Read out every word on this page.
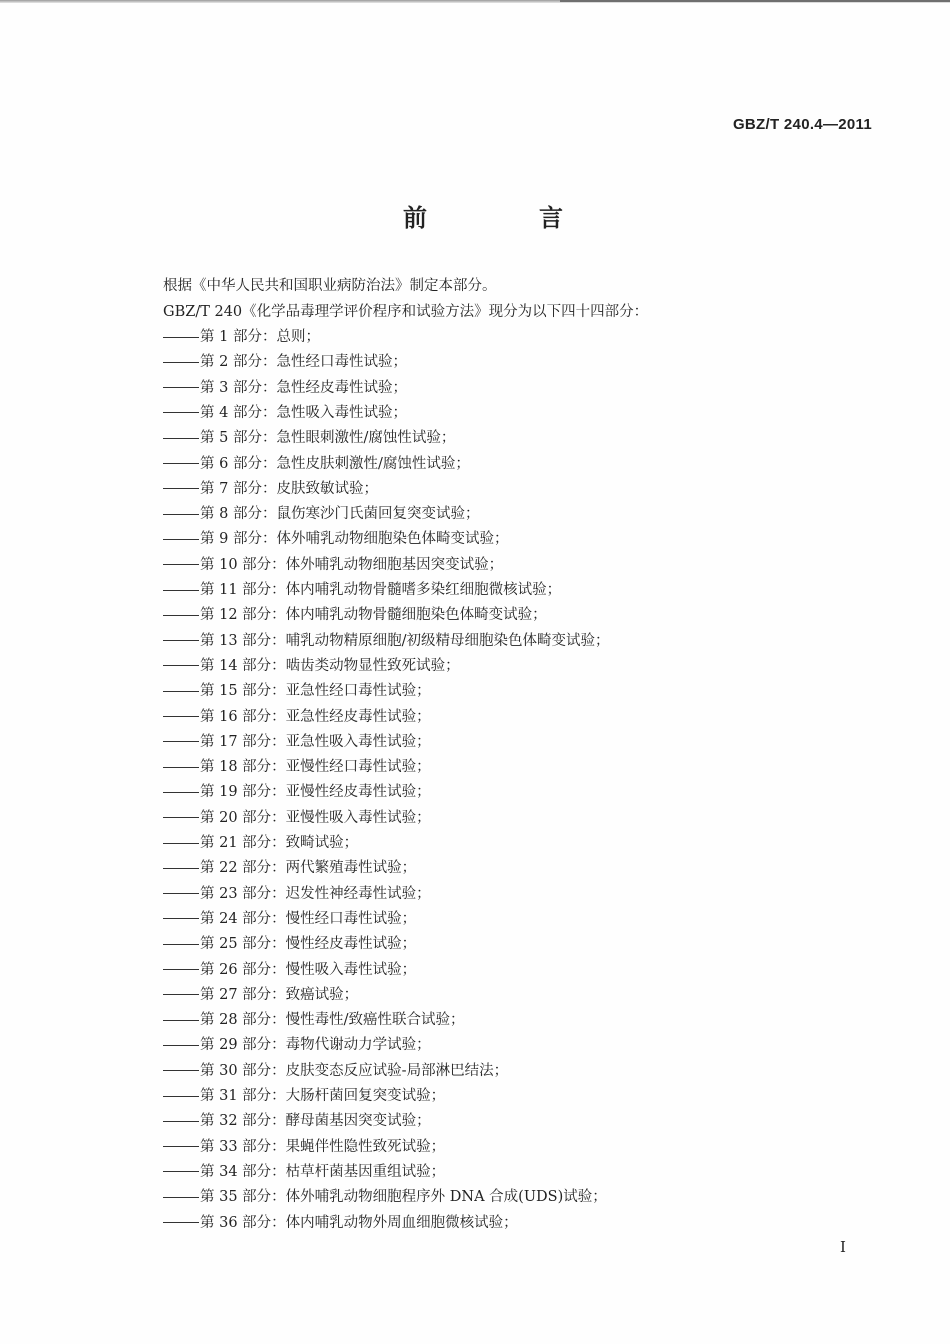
GBZ/T 240.4—2011
前　言
根据《中华人民共和国职业病防治法》制定本部分。
GBZ/T 240《化学品毒理学评价程序和试验方法》现分为以下四十四部分：
第 1 部分：总则；
第 2 部分：急性经口毒性试验；
第 3 部分：急性经皮毒性试验；
第 4 部分：急性吸入毒性试验；
第 5 部分：急性眼刺激性/腐蚀性试验；
第 6 部分：急性皮肤刺激性/腐蚀性试验；
第 7 部分：皮肤致敏试验；
第 8 部分：鼠伤寒沙门氏菌回复突变试验；
第 9 部分：体外哺乳动物细胞染色体畸变试验；
第 10 部分：体外哺乳动物细胞基因突变试验；
第 11 部分：体内哺乳动物骨髓嗜多染红细胞微核试验；
第 12 部分：体内哺乳动物骨髓细胞染色体畸变试验；
第 13 部分：哺乳动物精原细胞/初级精母细胞染色体畸变试验；
第 14 部分：啮齿类动物显性致死试验；
第 15 部分：亚急性经口毒性试验；
第 16 部分：亚急性经皮毒性试验；
第 17 部分：亚急性吸入毒性试验；
第 18 部分：亚慢性经口毒性试验；
第 19 部分：亚慢性经皮毒性试验；
第 20 部分：亚慢性吸入毒性试验；
第 21 部分：致畸试验；
第 22 部分：两代繁殖毒性试验；
第 23 部分：迟发性神经毒性试验；
第 24 部分：慢性经口毒性试验；
第 25 部分：慢性经皮毒性试验；
第 26 部分：慢性吸入毒性试验；
第 27 部分：致癌试验；
第 28 部分：慢性毒性/致癌性联合试验；
第 29 部分：毒物代谢动力学试验；
第 30 部分：皮肤变态反应试验-局部淋巴结法；
第 31 部分：大肠杆菌回复突变试验；
第 32 部分：酵母菌基因突变试验；
第 33 部分：果蝇伴性隐性致死试验；
第 34 部分：枯草杆菌基因重组试验；
第 35 部分：体外哺乳动物细胞程序外 DNA 合成(UDS)试验；
第 36 部分：体内哺乳动物外周血细胞微核试验；
I
